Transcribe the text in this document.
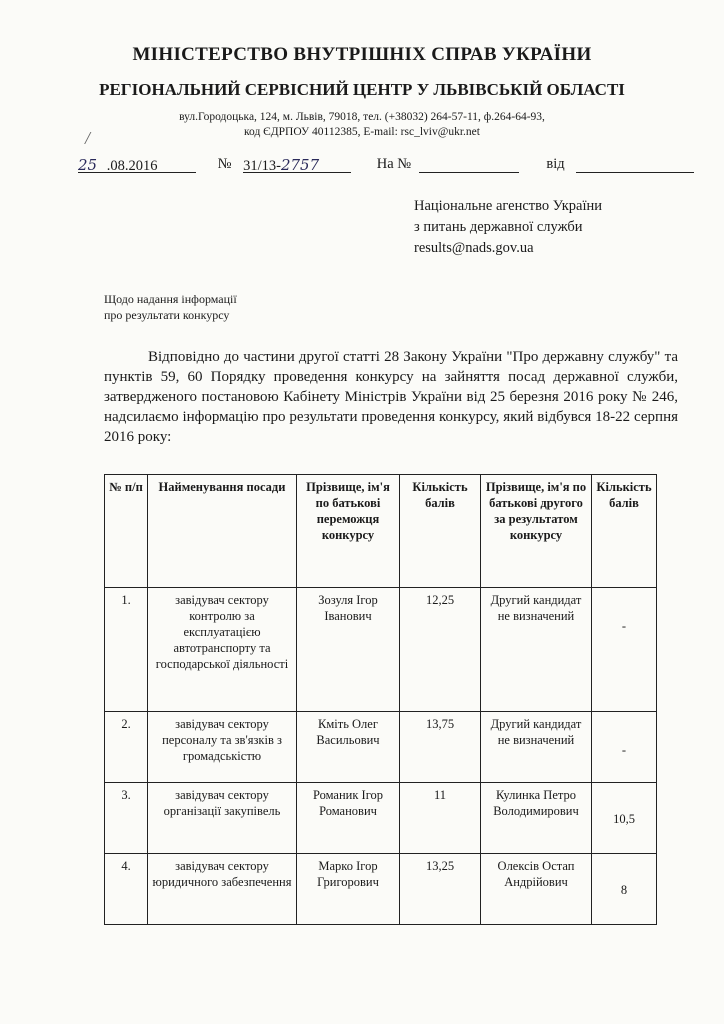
МІНІСТЕРСТВО ВНУТРІШНІХ СПРАВ УКРАЇНИ
РЕГІОНАЛЬНИЙ СЕРВІСНИЙ ЦЕНТР У ЛЬВІВСЬКІЙ ОБЛАСТІ
вул.Городоцька, 124, м. Львів, 79018, тел. (+38032) 264-57-11, ф.264-64-93,
код ЄДРПОУ 40112385, E-mail: rsc_lviv@ukr.net
/
25 .08.2016	№ 31/13-2757	На №	від
Національне агенство України
з питань державної служби
results@nads.gov.ua
Щодо надання інформації
про результати конкурсу
Відповідно до частини другої статті 28 Закону України "Про державну службу" та пунктів 59, 60 Порядку проведення конкурсу на зайняття посад державної служби, затвердженого постановою Кабінету Міністрів України від 25 березня 2016 року № 246, надсилаємо інформацію про результати проведення конкурсу, який відбувся 18-22 серпня 2016 року:
№ п/п	Найменування посади	Прізвище, ім'я по батькові переможця конкурсу	Кількість балів	Прізвище, ім'я по батькові другого за результатом конкурсу	Кількість балів
1.	завідувач сектору контролю за експлуатацією автотранспорту та господарської діяльності	Зозуля Ігор Іванович	12,25	Другий кандидат не визначений	-

2.	завідувач сектору персоналу та зв'язків з громадськістю	Кміть Олег Васильович	13,75	Другий кандидат не визначений	-

3.	завідувач сектору організації закупівель	Романик Ігор Романович	11	Кулинка Петро Володимирович	10,5

4.	завідувач сектору юридичного забезпечення	Марко Ігор Григорович	13,25	Олексів Остап Андрійович	8
